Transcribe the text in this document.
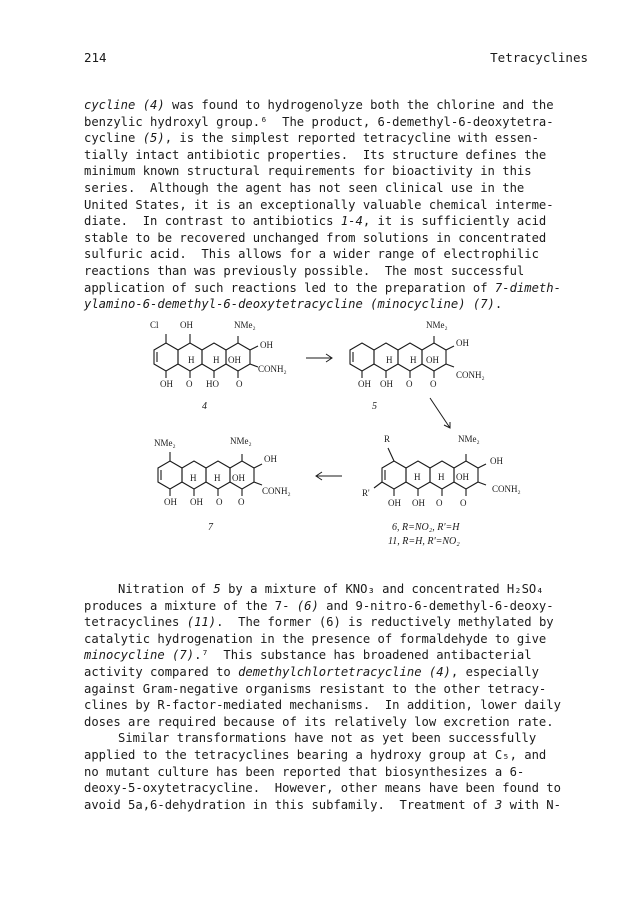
214	Tetracyclines
cycline (4) was found to hydrogenolyze both the chlorine and the
benzylic hydroxyl group.⁶  The product, 6-demethyl-6-deoxytetra-
cycline (5), is the simplest reported tetracycline with essen-
tially intact antibiotic properties.  Its structure defines the
minimum known structural requirements for bioactivity in this
series.  Although the agent has not seen clinical use in the
United States, it is an exceptionally valuable chemical interme-
diate.  In contrast to antibiotics 1-4, it is sufficiently acid
stable to be recovered unchanged from solutions in concentrated
sulfuric acid.  This allows for a wider range of electrophilic
reactions than was previously possible.  The most successful
application of such reactions led to the preparation of 7-dimeth-
ylamino-6-demethyl-6-deoxytetracycline (minocycline) (7).
Cl OH	NMe₂
OH
H H OH
CONH₂
OH O HO O
4
NMe₂
OH
H H OH
CONH₂
OH OH O O
5
NMe₂	NMe₂
OH
H H OH
CONH₂
OH OH O O
7
R	NMe₂
OH
H H OH
CONH₂
R'
OH OH O O
6, R=NO₂, R'=H
11, R=H, R'=NO₂
Nitration of 5 by a mixture of KNO₃ and concentrated H₂SO₄
produces a mixture of the 7- (6) and 9-nitro-6-demethyl-6-deoxy-
tetracyclines (11).  The former (6) is reductively methylated by
catalytic hydrogenation in the presence of formaldehyde to give
minocycline (7).⁷  This substance has broadened antibacterial
activity compared to demethylchlortetracycline (4), especially
against Gram-negative organisms resistant to the other tetracy-
clines by R-factor-mediated mechanisms.  In addition, lower daily
doses are required because of its relatively low excretion rate.
Similar transformations have not as yet been successfully
applied to the tetracyclines bearing a hydroxy group at C₅, and
no mutant culture has been reported that biosynthesizes a 6-
deoxy-5-oxytetracycline.  However, other means have been found to
avoid 5a,6-dehydration in this subfamily.  Treatment of 3 with N-
